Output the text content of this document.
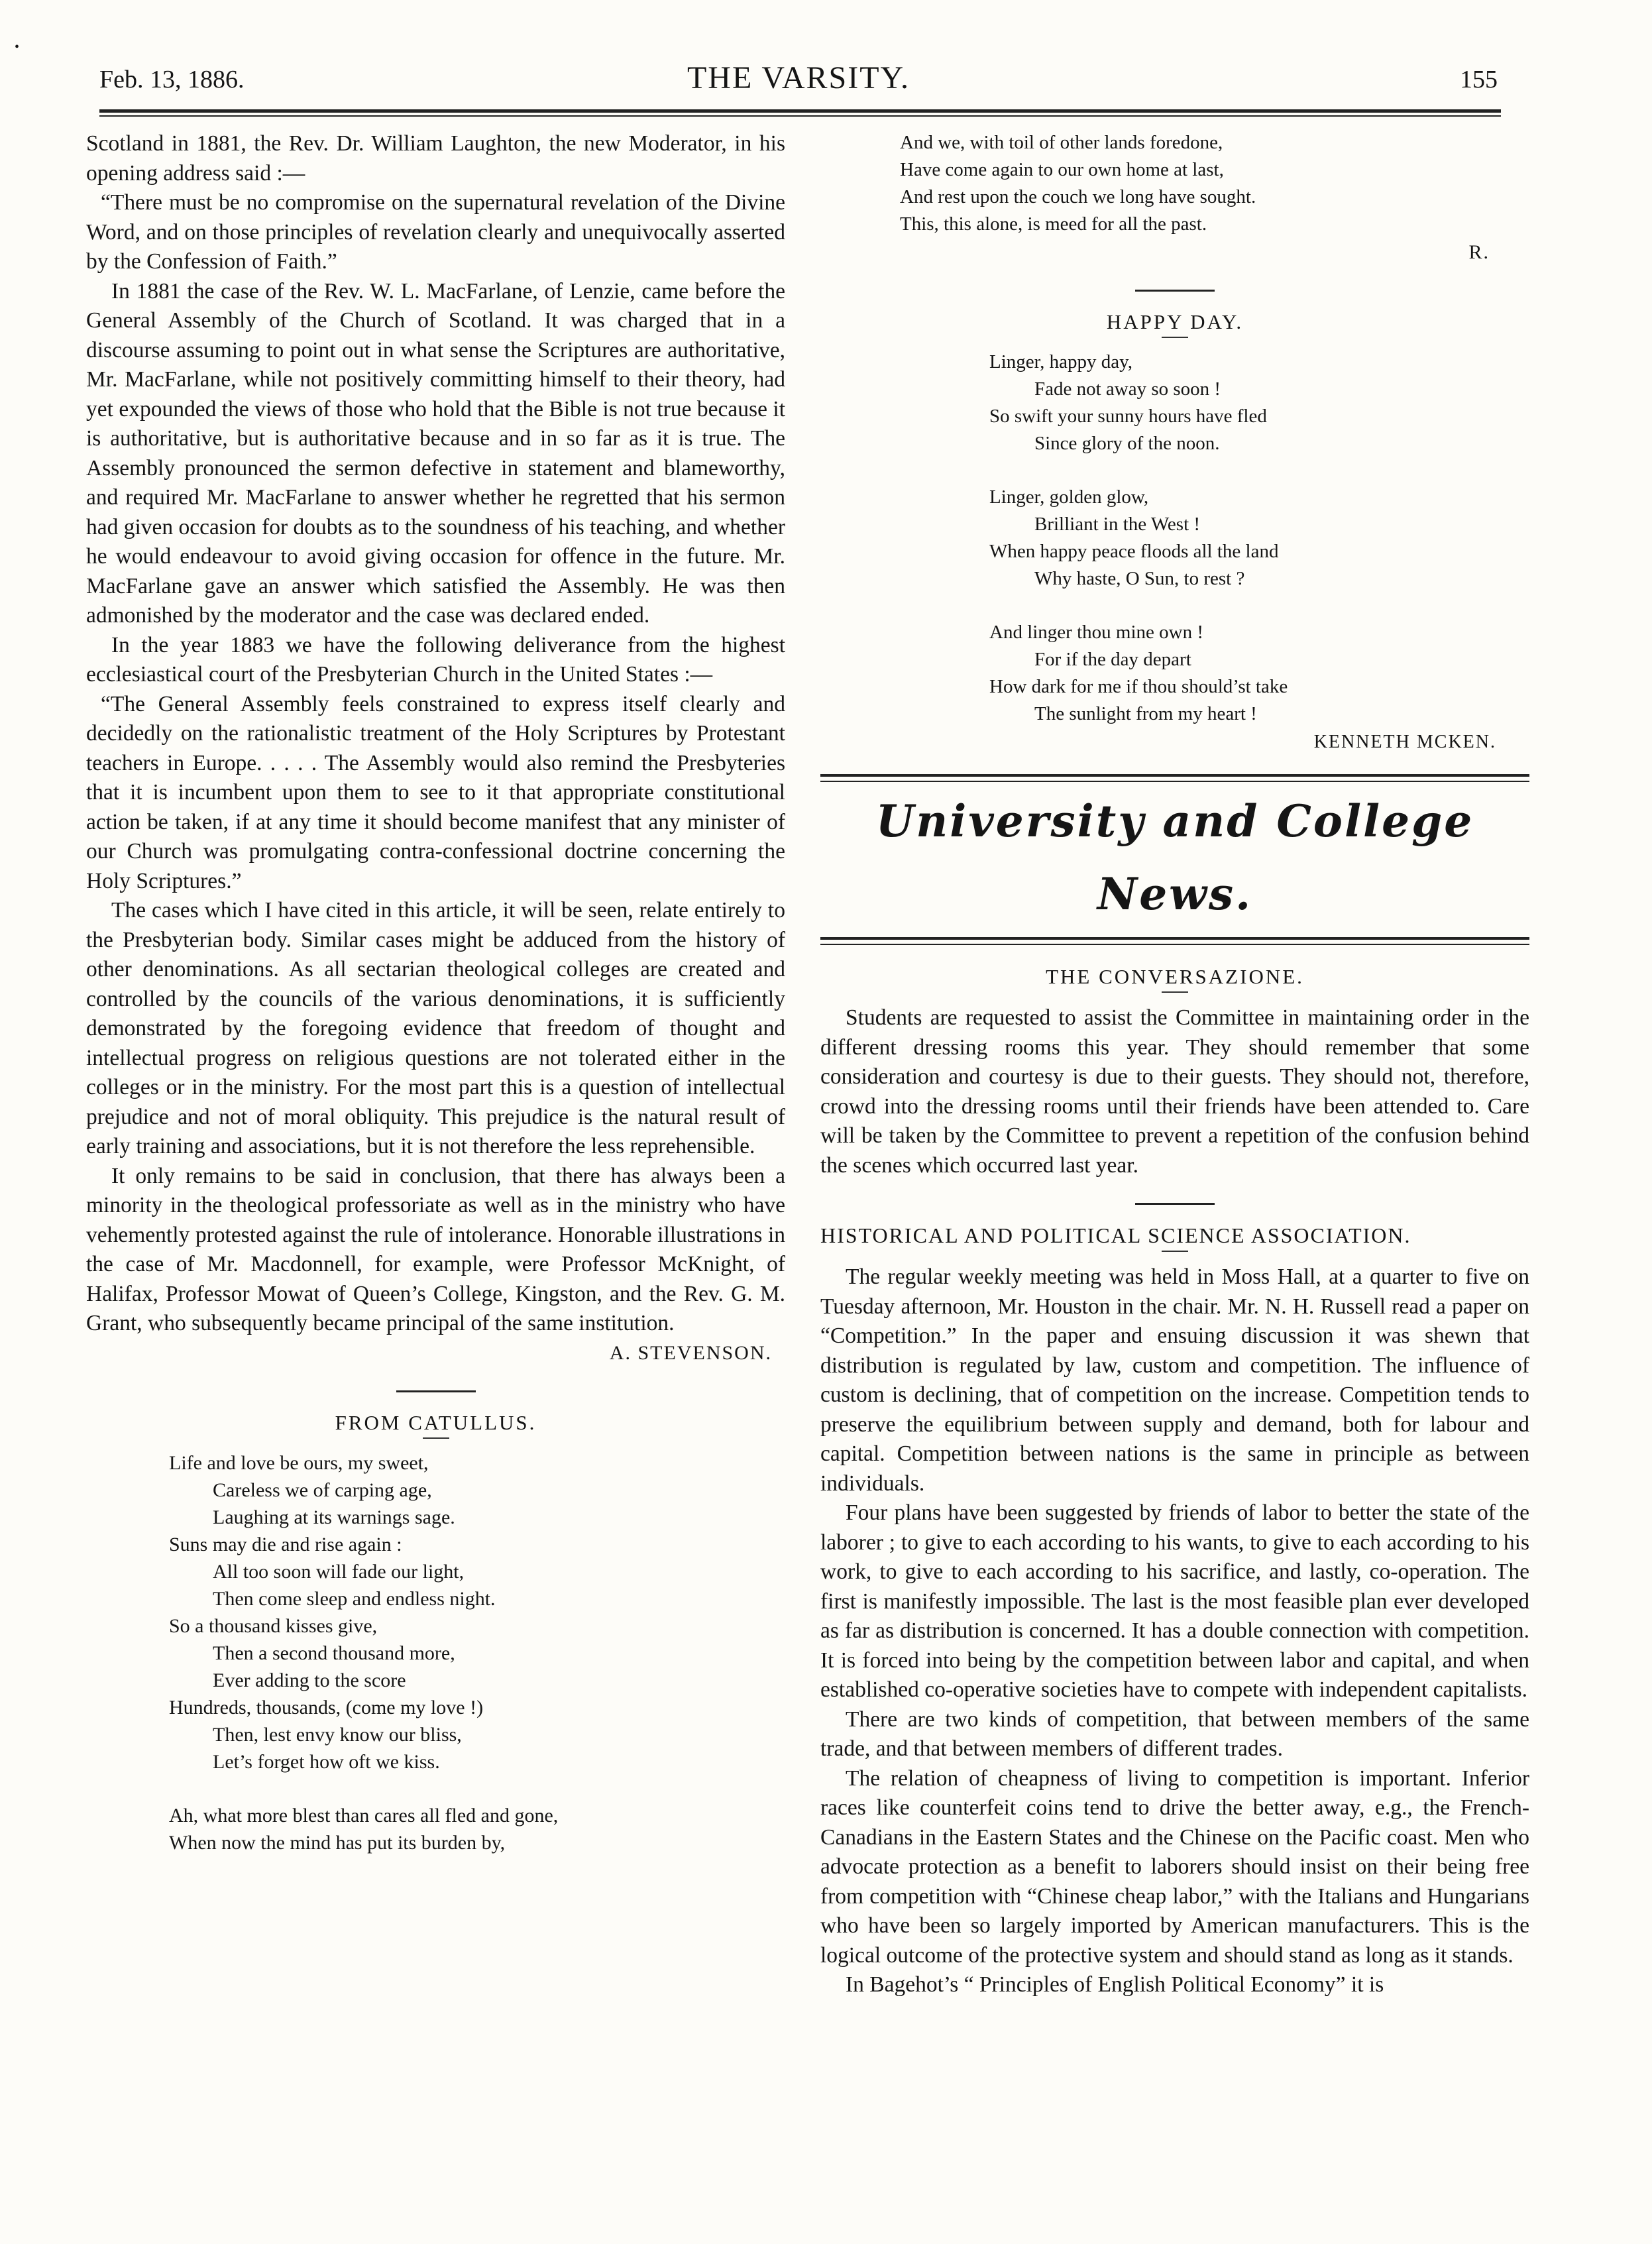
•
Feb. 13, 1886.	THE VARSITY.	155

Scotland in 1881, the Rev. Dr. William Laughton, the new Moderator, in his opening address said :—

“There must be no compromise on the supernatural revelation of the Divine Word, and on those principles of revelation clearly and unequivocally asserted by the Confession of Faith.”

In 1881 the case of the Rev. W. L. MacFarlane, of Lenzie, came before the General Assembly of the Church of Scotland. It was charged that in a discourse assuming to point out in what sense the Scriptures are authoritative, Mr. MacFarlane, while not positively committing himself to their theory, had yet expounded the views of those who hold that the Bible is not true because it is authoritative, but is authoritative because and in so far as it is true. The Assembly pronounced the sermon defective in statement and blameworthy, and required Mr. MacFarlane to answer whether he regretted that his sermon had given occasion for doubts as to the soundness of his teaching, and whether he would endeavour to avoid giving occasion for offence in the future. Mr. MacFarlane gave an answer which satisfied the Assembly. He was then admonished by the moderator and the case was declared ended.

In the year 1883 we have the following deliverance from the highest ecclesiastical court of the Presbyterian Church in the United States :—

“The General Assembly feels constrained to express itself clearly and decidedly on the rationalistic treatment of the Holy Scriptures by Protestant teachers in Europe. . . . . The Assembly would also remind the Presbyteries that it is incumbent upon them to see to it that appropriate constitutional action be taken, if at any time it should become manifest that any minister of our Church was promulgating contra-confessional doctrine concerning the Holy Scriptures.”

The cases which I have cited in this article, it will be seen, relate entirely to the Presbyterian body. Similar cases might be adduced from the history of other denominations. As all sectarian theological colleges are created and controlled by the councils of the various denominations, it is sufficiently demonstrated by the foregoing evidence that freedom of thought and intellectual progress on religious questions are not tolerated either in the colleges or in the ministry. For the most part this is a question of intellectual prejudice and not of moral obliquity. This prejudice is the natural result of early training and associations, but it is not therefore the less reprehensible.

It only remains to be said in conclusion, that there has always been a minority in the theological professoriate as well as in the ministry who have vehemently protested against the rule of intolerance. Honorable illustrations in the case of Mr. Macdonnell, for example, were Professor McKnight, of Halifax, Professor Mowat of Queen’s College, Kingston, and the Rev. G. M. Grant, who subsequently became principal of the same institution.

A. STEVENSON.
FROM CATULLUS.
Life and love be ours, my sweet,
Careless we of carping age,
Laughing at its warnings sage.
Suns may die and rise again :
All too soon will fade our light,
Then come sleep and endless night.
So a thousand kisses give,
Then a second thousand more,
Ever adding to the score
Hundreds, thousands, (come my love !)
Then, lest envy know our bliss,
Let’s forget how oft we kiss.
Ah, what more blest than cares all fled and gone,
When now the mind has put its burden by,
And we, with toil of other lands foredone,
Have come again to our own home at last,
And rest upon the couch we long have sought.
This, this alone, is meed for all the past.
R.
HAPPY DAY.
Linger, happy day,
Fade not away so soon !
So swift your sunny hours have fled
Since glory of the noon.
Linger, golden glow,
Brilliant in the West !
When happy peace floods all the land
Why haste, O Sun, to rest ?
And linger thou mine own !
For if the day depart
How dark for me if thou should’st take
The sunlight from my heart !
KENNETH MCKEN.
University and College News.
THE CONVERSAZIONE.

Students are requested to assist the Committee in maintaining order in the different dressing rooms this year. They should remember that some consideration and courtesy is due to their guests. They should not, therefore, crowd into the dressing rooms until their friends have been attended to. Care will be taken by the Committee to prevent a repetition of the confusion behind the scenes which occurred last year.

HISTORICAL AND POLITICAL SCIENCE ASSOCIATION.

The regular weekly meeting was held in Moss Hall, at a quarter to five on Tuesday afternoon, Mr. Houston in the chair. Mr. N. H. Russell read a paper on “Competition.” In the paper and ensuing discussion it was shewn that distribution is regulated by law, custom and competition. The influence of custom is declining, that of competition on the increase. Competition tends to preserve the equilibrium between supply and demand, both for labour and capital. Competition between nations is the same in principle as between individuals.

Four plans have been suggested by friends of labor to better the state of the laborer ; to give to each according to his wants, to give to each according to his work, to give to each according to his sacrifice, and lastly, co-operation. The first is manifestly impossible. The last is the most feasible plan ever developed as far as distribution is concerned. It has a double connection with competition. It is forced into being by the competition between labor and capital, and when established co-operative societies have to compete with independent capitalists.

There are two kinds of competition, that between members of the same trade, and that between members of different trades.

The relation of cheapness of living to competition is important. Inferior races like counterfeit coins tend to drive the better away, e.g., the French-Canadians in the Eastern States and the Chinese on the Pacific coast. Men who advocate protection as a benefit to laborers should insist on their being free from competition with “Chinese cheap labor,” with the Italians and Hungarians who have been so largely imported by American manufacturers. This is the logical outcome of the protective system and should stand as long as it stands.

In Bagehot’s “ Principles of English Political Economy” it is
